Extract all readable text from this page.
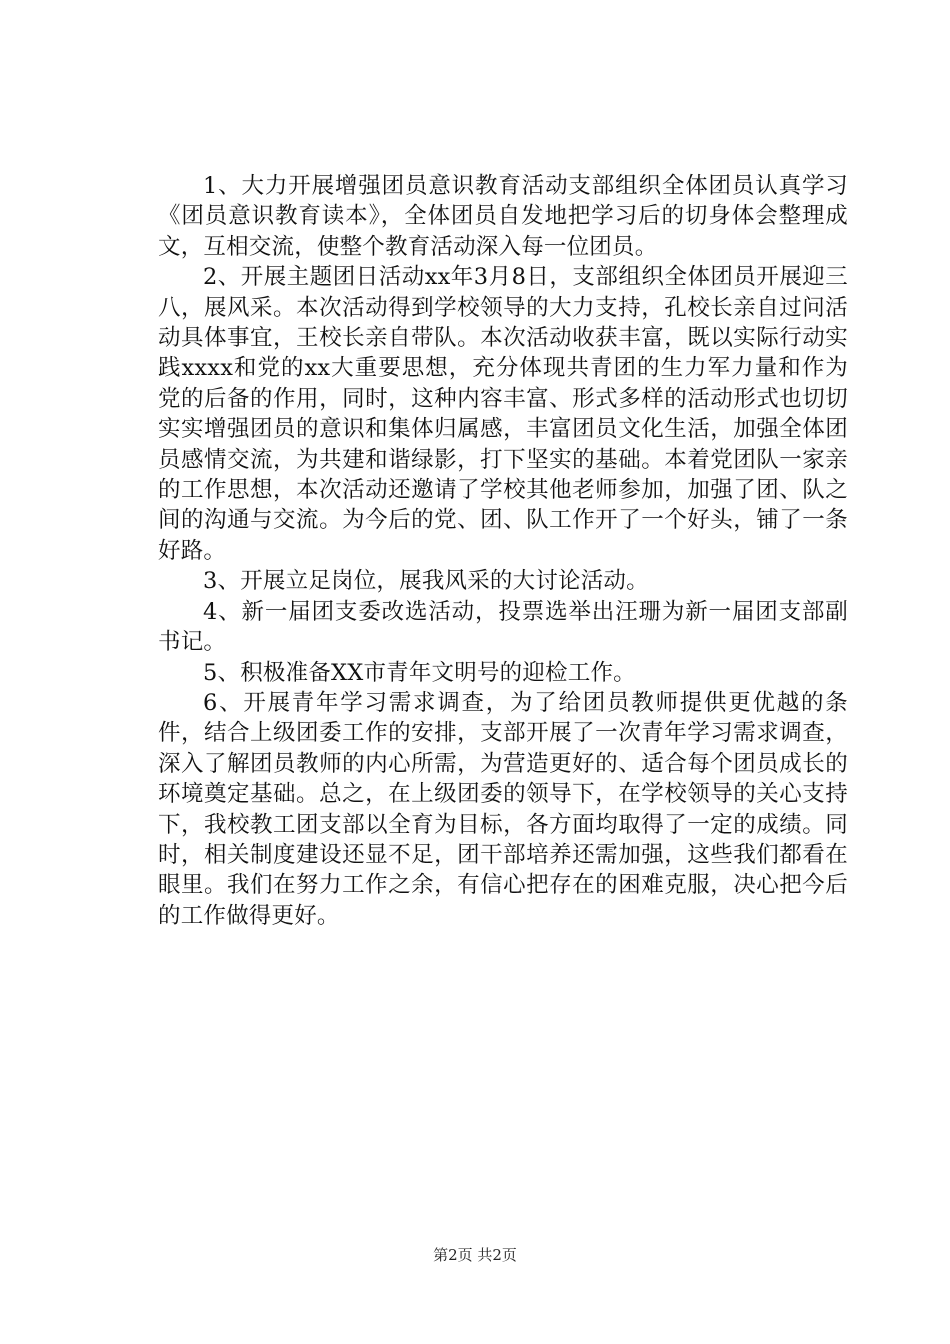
1、大力开展增强团员意识教育活动支部组织全体团员认真学习《团员意识教育读本》，全体团员自发地把学习后的切身体会整理成文，互相交流，使整个教育活动深入每一位团员。

2、开展主题团日活动xx年3月8日，支部组织全体团员开展迎三八，展风采。本次活动得到学校领导的大力支持，孔校长亲自过问活动具体事宜，王校长亲自带队。本次活动收获丰富，既以实际行动实践xxxx和党的xx大重要思想，充分体现共青团的生力军力量和作为党的后备的作用，同时，这种内容丰富、形式多样的活动形式也切切实实增强团员的意识和集体归属感，丰富团员文化生活，加强全体团员感情交流，为共建和谐绿影，打下坚实的基础。本着党团队一家亲的工作思想，本次活动还邀请了学校其他老师参加，加强了团、队之间的沟通与交流。为今后的党、团、队工作开了一个好头，铺了一条好路。

3、开展立足岗位，展我风采的大讨论活动。

4、新一届团支委改选活动，投票选举出汪珊为新一届团支部副书记。

5、积极准备XX市青年文明号的迎检工作。

6、开展青年学习需求调查，为了给团员教师提供更优越的条件，结合上级团委工作的安排，支部开展了一次青年学习需求调查，深入了解团员教师的内心所需，为营造更好的、适合每个团员成长的环境奠定基础。总之，在上级团委的领导下，在学校领导的关心支持下，我校教工团支部以全育为目标，各方面均取得了一定的成绩。同时，相关制度建设还显不足，团干部培养还需加强，这些我们都看在眼里。我们在努力工作之余，有信心把存在的困难克服，决心把今后的工作做得更好。

第2页 共2页
